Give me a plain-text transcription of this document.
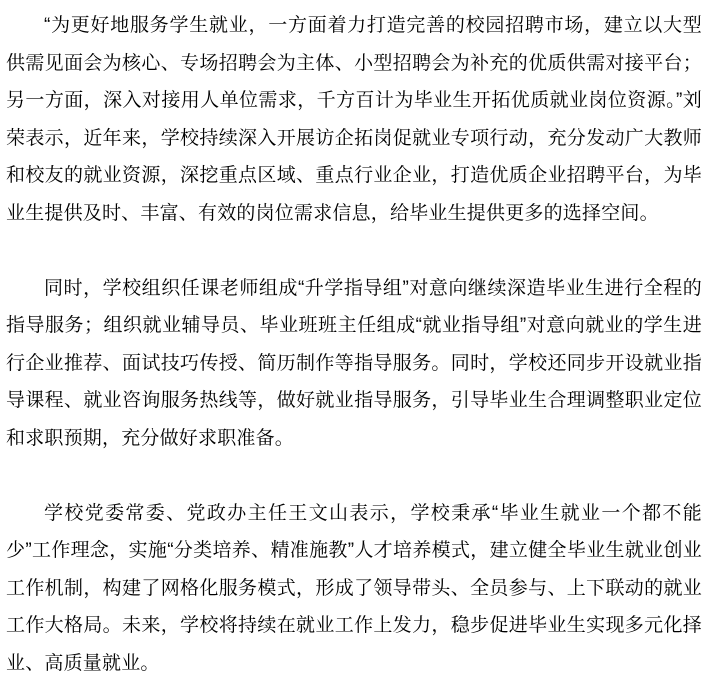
“为更好地服务学生就业，一方面着力打造完善的校园招聘市场，建立以大型供需见面会为核心、专场招聘会为主体、小型招聘会为补充的优质供需对接平台；另一方面，深入对接用人单位需求，千方百计为毕业生开拓优质就业岗位资源。”刘荣表示，近年来，学校持续深入开展访企拓岗促就业专项行动，充分发动广大教师和校友的就业资源，深挖重点区域、重点行业企业，打造优质企业招聘平台，为毕业生提供及时、丰富、有效的岗位需求信息，给毕业生提供更多的选择空间。

同时，学校组织任课老师组成“升学指导组”对意向继续深造毕业生进行全程的指导服务；组织就业辅导员、毕业班班主任组成“就业指导组”对意向就业的学生进行企业推荐、面试技巧传授、简历制作等指导服务。同时，学校还同步开设就业指导课程、就业咨询服务热线等，做好就业指导服务，引导毕业生合理调整职业定位和求职预期，充分做好求职准备。

学校党委常委、党政办主任王文山表示，学校秉承“毕业生就业一个都不能少”工作理念，实施“分类培养、精准施教”人才培养模式，建立健全毕业生就业创业工作机制，构建了网格化服务模式，形成了领导带头、全员参与、上下联动的就业工作大格局。未来，学校将持续在就业工作上发力，稳步促进毕业生实现多元化择业、高质量就业。
